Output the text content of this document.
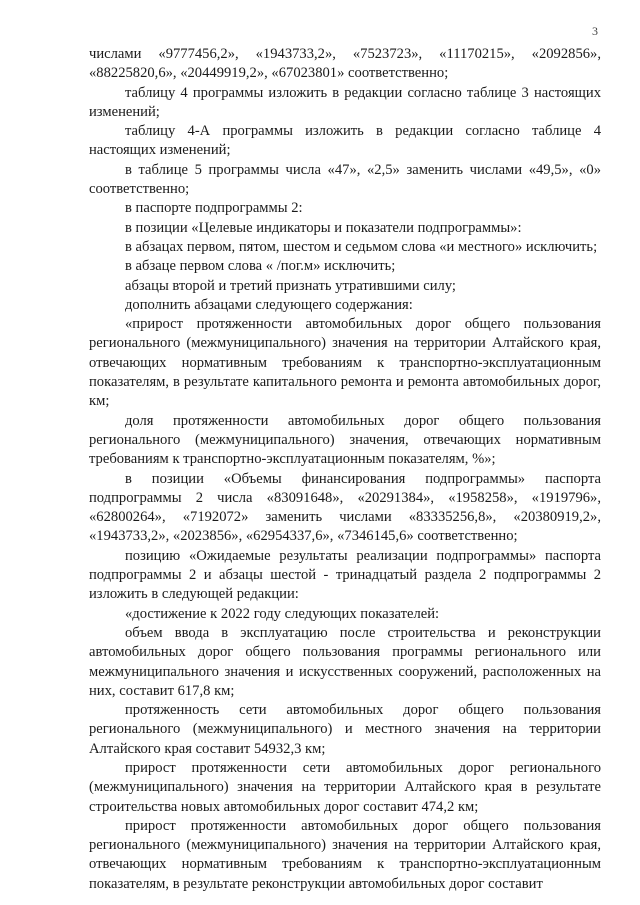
3

числами «9777456,2», «1943733,2», «7523723», «11170215», «2092856», «88225820,6», «20449919,2», «67023801» соответственно;

таблицу 4 программы изложить в редакции согласно таблице 3 настоящих изменений;

таблицу 4-А программы изложить в редакции согласно таблице 4 настоящих изменений;

в таблице 5 программы числа «47», «2,5» заменить числами «49,5», «0» соответственно;

в паспорте подпрограммы 2:

в позиции «Целевые индикаторы и показатели подпрограммы»:

в абзацах первом, пятом, шестом и седьмом слова «и местного» исключить;

в абзаце первом слова « /пог.м» исключить;

абзацы второй и третий признать утратившими силу;

дополнить абзацами следующего содержания:

«прирост протяженности автомобильных дорог общего пользования регионального (межмуниципального) значения на территории Алтайского края, отвечающих нормативным требованиям к транспортно-эксплуатационным показателям, в результате капитального ремонта и ремонта автомобильных дорог, км;

доля протяженности автомобильных дорог общего пользования регионального (межмуниципального) значения, отвечающих нормативным требованиям к транспортно-эксплуатационным показателям, %»;

в позиции «Объемы финансирования подпрограммы» паспорта подпрограммы 2 числа «83091648», «20291384», «1958258», «1919796», «62800264», «7192072» заменить числами «83335256,8», «20380919,2», «1943733,2», «2023856», «62954337,6», «7346145,6» соответственно;

позицию «Ожидаемые результаты реализации подпрограммы» паспорта подпрограммы 2 и абзацы шестой - тринадцатый раздела 2 подпрограммы 2 изложить в следующей редакции:

«достижение к 2022 году следующих показателей:

объем ввода в эксплуатацию после строительства и реконструкции автомобильных дорог общего пользования программы регионального или межмуниципального значения и искусственных сооружений, расположенных на них, составит 617,8 км;

протяженность сети автомобильных дорог общего пользования регионального (межмуниципального) и местного значения на территории Алтайского края составит 54932,3 км;

прирост протяженности сети автомобильных дорог регионального (межмуниципального) значения на территории Алтайского края в результате строительства новых автомобильных дорог составит 474,2 км;

прирост протяженности автомобильных дорог общего пользования регионального (межмуниципального) значения на территории Алтайского края, отвечающих нормативным требованиям к транспортно-эксплуатационным показателям, в результате реконструкции автомобильных дорог составит
